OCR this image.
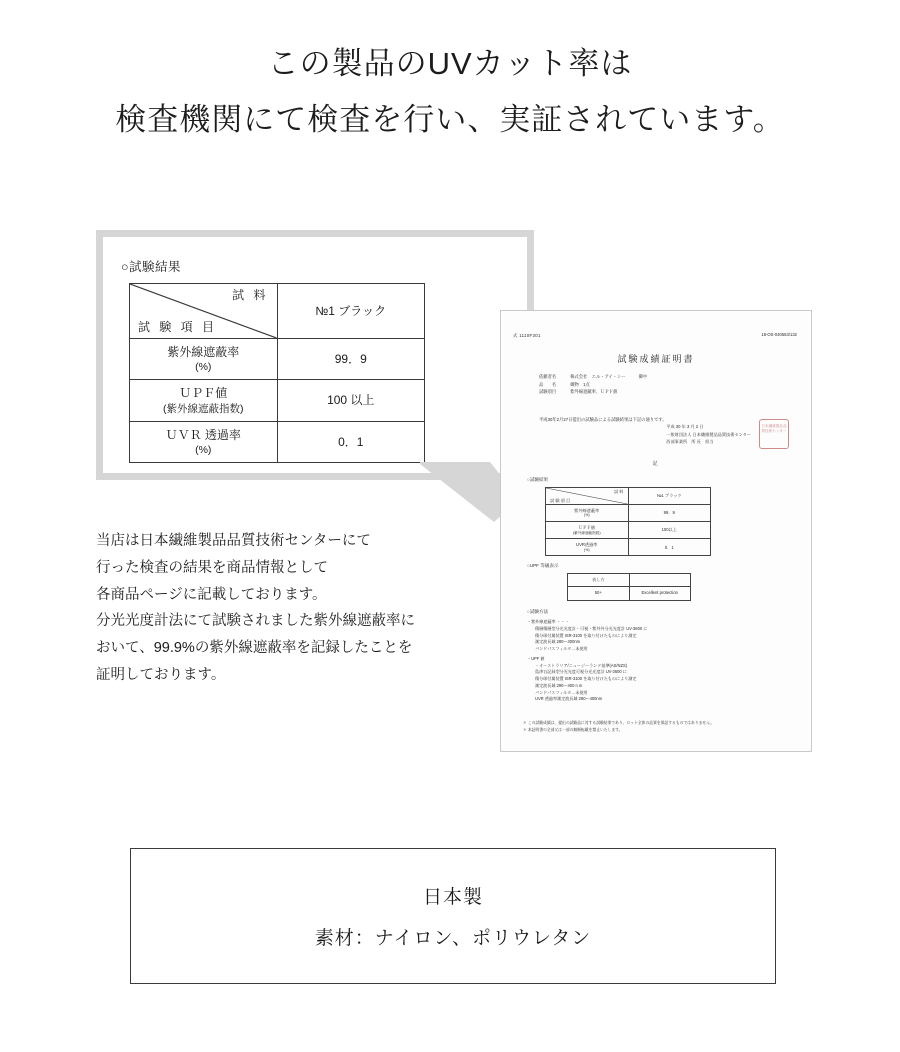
この製品のUVカット率は
検査機関にて検査を行い、実証されています。
○試験結果
試 料
試 験 項 目	№1 ブラック
紫外線遮蔽率
(%)	99．9
ＵＰＦ値
(紫外線遮蔽指数)	100 以上
ＵＶＲ 透過率
(%)	0．1
当店は日本繊維製品品質技術センターにて
行った検査の結果を商品情報として
各商品ページに記載しております。
分光光度計法にて試験されました紫外線遮蔽率に
おいて、99.9%の紫外線遮蔽率を記録したことを
証明しております。
式 1110F301	18-OS-040563/132
試験成績証明書
依頼者名	株式会社　エル・アイ・シー　　　御中
品　　名	織物　1点
試験項目	紫外線遮蔽率、ＵＰＦ値
平成30年2月27日提出の試験品による試験結果は下記の通りです。
平成 30 年 3 月 2 日
一般財団法人 日本繊維製品品質技術センター
西部事業所　所 長　担当
日本繊維製品品質技術センター
記
○試験結果
試 料
試 験 項 目	№1 ブラック
紫外線遮蔽率
(%)	99．9
ＵＰＦ値
(紫外線遮蔽指数)	100以上
UVR透過率
(%)	0．1
○UPF 等級表示
表し方	
50+	Excellent protection
○試験方法
・紫外線遮蔽率 ・・・
積層積層型分光光度計・可視・紫外外分光光度計 UV-3600 に
積分球付属装置 ISR-3100 を取り付けたものにより測定
測定波長域 280～400nm
バンドパスフィルタ…未使用
・UPF 値
・オーストラリア/ニュージーランド基準(AS/NZS)
島津自記録型分光光度可視分光光度計 UV-3600 に
積分球付属装置 ISR-3100 を取り付けたものにより測定
測定波長域 290～400 n m
バンドパスフィルタ…未使用
UVR 透過率測定波長域 280～400nm
＊ この試験成績は、提出の試験品に対する試験結果であり、ロット全体の品質を保証するものではありません。
＊ 本証明書の全部又は一部の無断転載を禁止いたします。
日本製
素材：ナイロン、ポリウレタン
